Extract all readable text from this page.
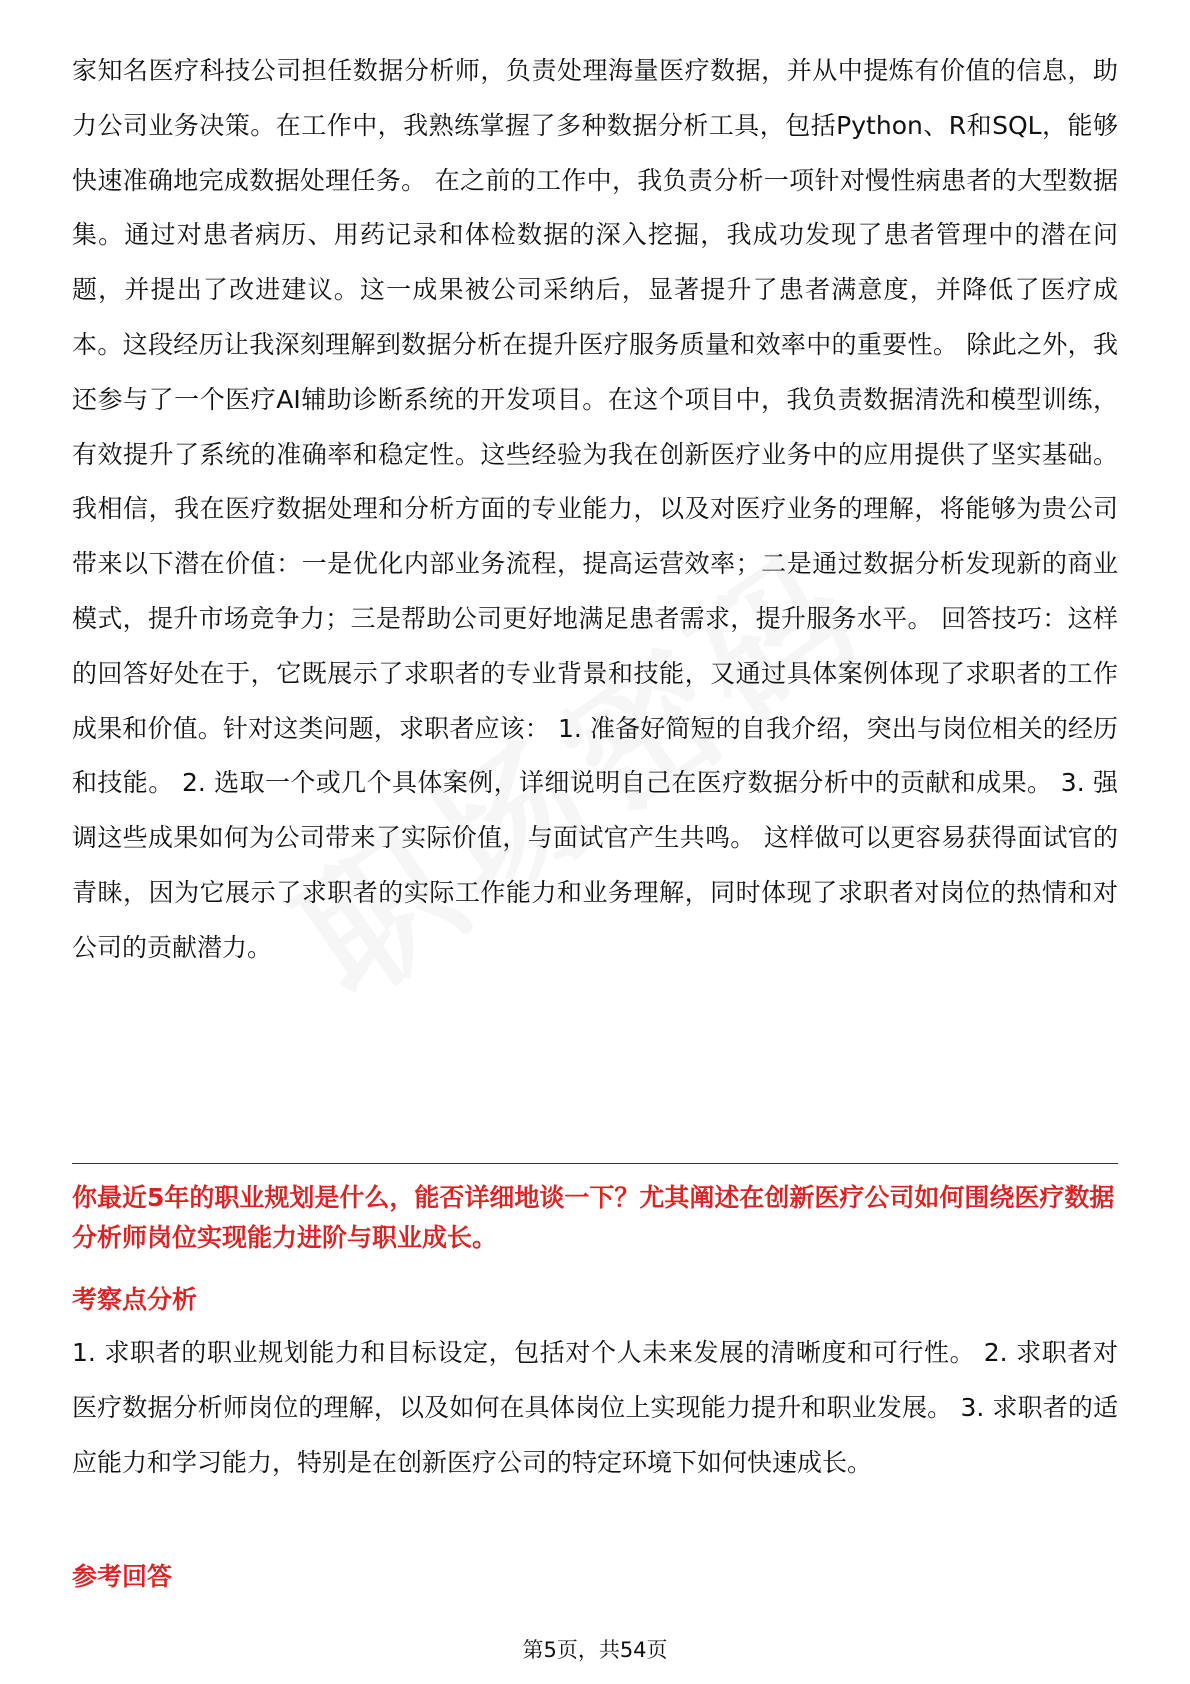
家知名医疗科技公司担任数据分析师，负责处理海量医疗数据，并从中提炼有价值的信息，助力公司业务决策。在工作中，我熟练掌握了多种数据分析工具，包括Python、R和SQL，能够快速准确地完成数据处理任务。 在之前的工作中，我负责分析一项针对慢性病患者的大型数据集。通过对患者病历、用药记录和体检数据的深入挖掘，我成功发现了患者管理中的潜在问题，并提出了改进建议。这一成果被公司采纳后，显著提升了患者满意度，并降低了医疗成本。这段经历让我深刻理解到数据分析在提升医疗服务质量和效率中的重要性。 除此之外，我还参与了一个医疗AI辅助诊断系统的开发项目。在这个项目中，我负责数据清洗和模型训练，有效提升了系统的准确率和稳定性。这些经验为我在创新医疗业务中的应用提供了坚实基础。 我相信，我在医疗数据处理和分析方面的专业能力，以及对医疗业务的理解，将能够为贵公司带来以下潜在价值：一是优化内部业务流程，提高运营效率；二是通过数据分析发现新的商业模式，提升市场竞争力；三是帮助公司更好地满足患者需求，提升服务水平。 回答技巧：这样的回答好处在于，它既展示了求职者的专业背景和技能，又通过具体案例体现了求职者的工作成果和价值。针对这类问题，求职者应该： 1. 准备好简短的自我介绍，突出与岗位相关的经历和技能。 2. 选取一个或几个具体案例，详细说明自己在医疗数据分析中的贡献和成果。 3. 强调这些成果如何为公司带来了实际价值，与面试官产生共鸣。 这样做可以更容易获得面试官的青睐，因为它展示了求职者的实际工作能力和业务理解，同时体现了求职者对岗位的热情和对公司的贡献潜力。

你最近5年的职业规划是什么，能否详细地谈一下？尤其阐述在创新医疗公司如何围绕医疗数据分析师岗位实现能力进阶与职业成长。

考察点分析

1. 求职者的职业规划能力和目标设定，包括对个人未来发展的清晰度和可行性。 2. 求职者对医疗数据分析师岗位的理解，以及如何在具体岗位上实现能力提升和职业发展。 3. 求职者的适应能力和学习能力，特别是在创新医疗公司的特定环境下如何快速成长。

参考回答
第5页，共54页
